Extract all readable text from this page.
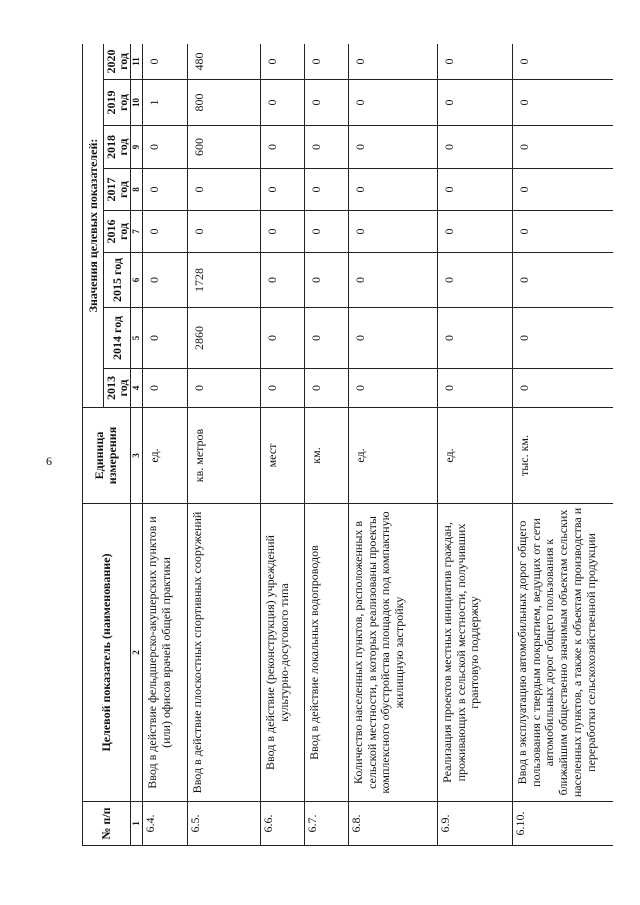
6
№ п/п	Целевой показатель (наименование)	Единица измерения	Значения целевых показателей:							
			2013 год	2014 год	2015 год	2016 год	2017 год	2018 год	2019 год	2020 год
1	2	3	4	5	6	7	8	9	10	11
6.4.	Ввод в действие фельдшерско-акушерских пунктов и (или) офисов врачей общей практики	ед.	0	0	0	0	0	0	1	0
6.5.	Ввод в действие плоскостных спортивных сооружений	кв. метров	0	2860	1728	0	0	600	800	480
6.6.	Ввод в действие (реконструкция) учреждений культурно-досугового типа	мест	0	0	0	0	0	0	0	0
6.7.	Ввод в действие локальных водопроводов	км.	0	0	0	0	0	0	0	0
6.8.	Количество населенных пунктов, расположенных в сельской местности, в которых реализованы проекты комплексного обустройства площадок под компактную жилищную застройку	ед.	0	0	0	0	0	0	0	0
6.9.	Реализация проектов местных инициатив граждан, проживающих в сельской местности, получивших грантовую поддержку	ед.	0	0	0	0	0	0	0	0
6.10.	Ввод в эксплуатацию автомобильных дорог общего пользования с твердым покрытием, ведущих от сети автомобильных дорог общего пользования к ближайшим общественно значимым объектам сельских населенных пунктов, а также к объектам производства и переработки сельскохозяйственной продукции	тыс. км.	0	0	0	0	0	0	0	0
